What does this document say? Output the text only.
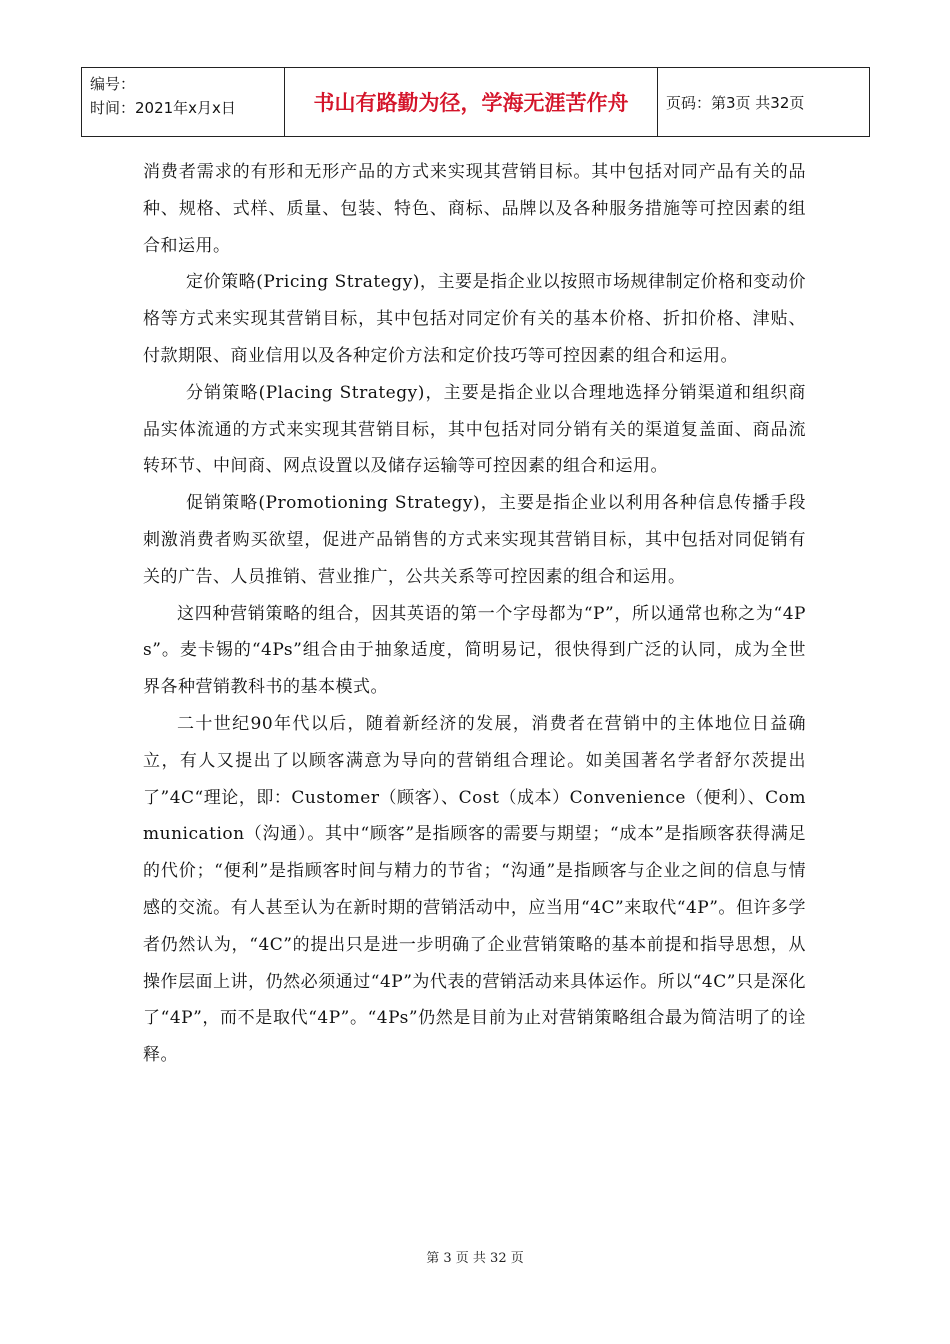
编号：
时间：2021年x月x日	书山有路勤为径，学海无涯苦作舟	页码：第3页 共32页

消费者需求的有形和无形产品的方式来实现其营销目标。其中包括对同产品有关的品种、规格、式样、质量、包装、特色、商标、品牌以及各种服务措施等可控因素的组合和运用。

定价策略(Pricing Strategy)，主要是指企业以按照市场规律制定价格和变动价格等方式来实现其营销目标，其中包括对同定价有关的基本价格、折扣价格、津贴、付款期限、商业信用以及各种定价方法和定价技巧等可控因素的组合和运用。

分销策略(Placing Strategy)，主要是指企业以合理地选择分销渠道和组织商品实体流通的方式来实现其营销目标，其中包括对同分销有关的渠道复盖面、商品流转环节、中间商、网点设置以及储存运输等可控因素的组合和运用。

促销策略(Promotioning Strategy)，主要是指企业以利用各种信息传播手段刺激消费者购买欲望，促进产品销售的方式来实现其营销目标，其中包括对同促销有关的广告、人员推销、营业推广，公共关系等可控因素的组合和运用。

这四种营销策略的组合，因其英语的第一个字母都为“P”，所以通常也称之为“4Ps”。麦卡锡的“4Ps”组合由于抽象适度，简明易记，很快得到广泛的认同，成为全世界各种营销教科书的基本模式。

二十世纪90年代以后，随着新经济的发展，消费者在营销中的主体地位日益确立，有人又提出了以顾客满意为导向的营销组合理论。如美国著名学者舒尔茨提出了”4C“理论，即：Customer（顾客）、Cost（成本）Convenience（便利）、Communication（沟通）。其中“顾客”是指顾客的需要与期望；“成本”是指顾客获得满足的代价；“便利”是指顾客时间与精力的节省；“沟通”是指顾客与企业之间的信息与情感的交流。有人甚至认为在新时期的营销活动中，应当用“4C”来取代“4P”。但许多学者仍然认为，“4C”的提出只是进一步明确了企业营销策略的基本前提和指导思想，从操作层面上讲，仍然必须通过“4P”为代表的营销活动来具体运作。所以“4C”只是深化了“4P”，而不是取代“4P”。“4Ps”仍然是目前为止对营销策略组合最为简洁明了的诠释。

第 3 页 共 32 页
